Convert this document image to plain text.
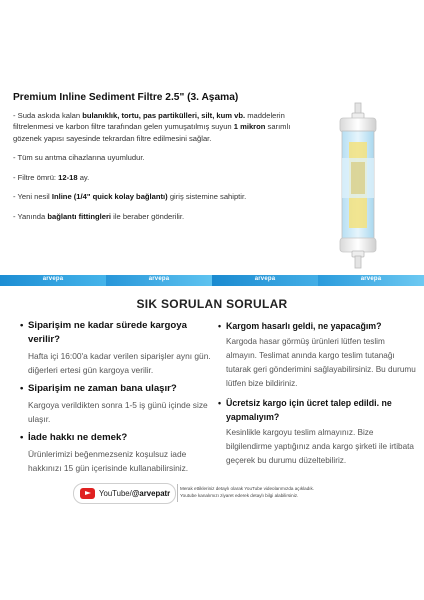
Premium Inline Sediment Filtre 2.5" (3. Aşama)

- Suda askıda kalan bulanıklık, tortu, pas partikülleri, silt, kum vb. maddelerin filtrelenmesi ve karbon filtre tarafından gelen yumuşatılmış suyun 1 mikron sarımlı gözenek yapısı sayesinde tekrardan filtre edilmesini sağlar.

- Tüm su arıtma cihazlarına uyumludur.

- Filtre ömrü: 12-18 ay.

- Yeni nesil Inline (1/4" quick kolay bağlantı) giriş sistemine sahiptir.

- Yanında bağlantı fittingleri ile beraber gönderilir.

arvepa	arvepa	arvepa	arvepa
SIK SORULAN SORULAR
• Siparişim ne kadar sürede kargoya verilir?
Hafta içi 16:00'a kadar verilen siparişler aynı gün. diğerleri ertesi gün kargoya verilir.
• Siparişim ne zaman bana ulaşır?
Kargoya verildikten sonra 1-5 iş günü içinde size ulaşır.
• İade hakkı ne demek?
Ürünlerimizi beğenmezseniz koşulsuz iade hakkınızı 15 gün içerisinde kullanabilirsiniz.
• Kargom hasarlı geldi, ne yapacağım?
Kargoda hasar görmüş ürünleri lütfen teslim almayın. Teslimat anında kargo teslim tutanağı tutarak geri gönderimini sağlayabilirsiniz. Bu durumu lütfen bize bildiriniz.
• Ücretsiz kargo için ücret talep edildi. ne yapmalıyım?
Kesinlikle kargoyu teslim almayınız. Bize bilgilendirme yaptığınız anda kargo şirketi ile irtibata geçerek bu durumu düzeltebiliriz.
YouTube/@arvepatr
Merak ettikleriniz detaylı olarak YouTube videolarımızda açıkladık.
Youtube kanalımızı ziyaret ederek detaylı bilgi alabilirsiniz.
